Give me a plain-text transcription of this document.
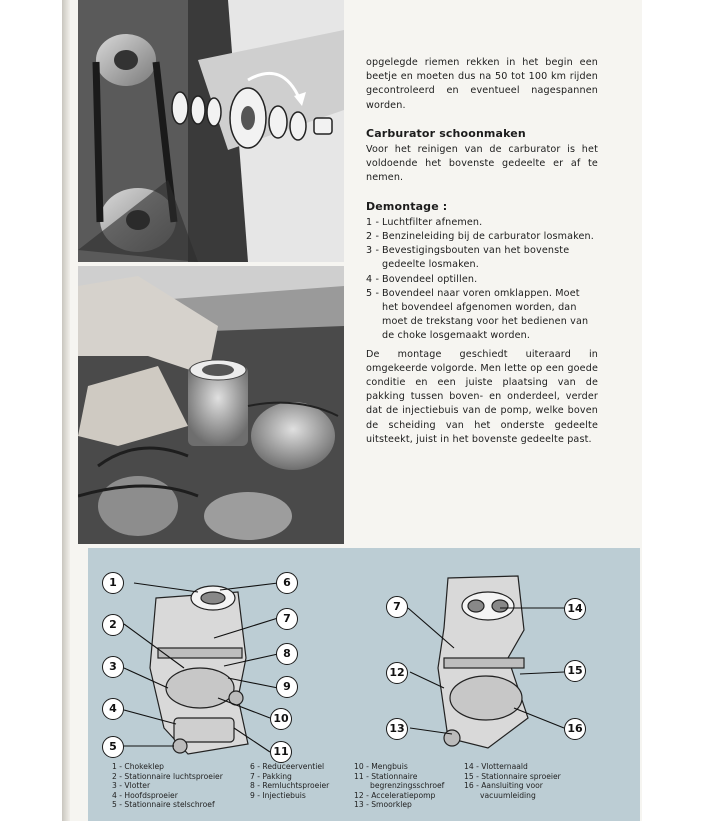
opgelegde riemen rekken in het begin een beetje en moeten dus na 50 tot 100 km rijden gecontroleerd en eventueel nagespannen worden.

Carburator schoonmaken

Voor het reinigen van de carburator is het voldoende het bovenste gedeelte er af te nemen.

Demontage :
1 - Luchtfilter afnemen.
2 - Benzineleiding bij de carburator losmaken.
3 - Bevestigingsbouten van het bovenste gedeelte losmaken.
4 - Bovendeel optillen.
5 - Bovendeel naar voren omklappen. Moet het bovendeel afgenomen worden, dan moet de trekstang voor het bedienen van de choke losgemaakt worden.

De montage geschiedt uiteraard in omgekeerde volgorde. Men lette op een goede conditie en een juiste plaatsing van de pakking tussen boven- en onderdeel, verder dat de injectiebuis van de pomp, welke boven de scheiding van het onderste gedeelte uitsteekt, juist in het bovenste gedeelte past.

1
2
3
4
5
6
7
8
9
10
11
7
12
13
14
15
16
1 - Chokeklep
2 - Stationnaire luchtsproeier
3 - Vlotter
4 - Hoofdsproeier
5 - Stationnaire stelschroef
6 - Reduceerventiel
7 - Pakking
8 - Remluchtsproeier
9 - Injectiebuis
10 - Mengbuis
11 - Stationnaire
begrenzingsschroef
12 - Acceleratiepomp
13 - Smoorklep
14 - Vlotternaald
15 - Stationnaire sproeier
16 - Aansluiting voor
vacuumleiding
